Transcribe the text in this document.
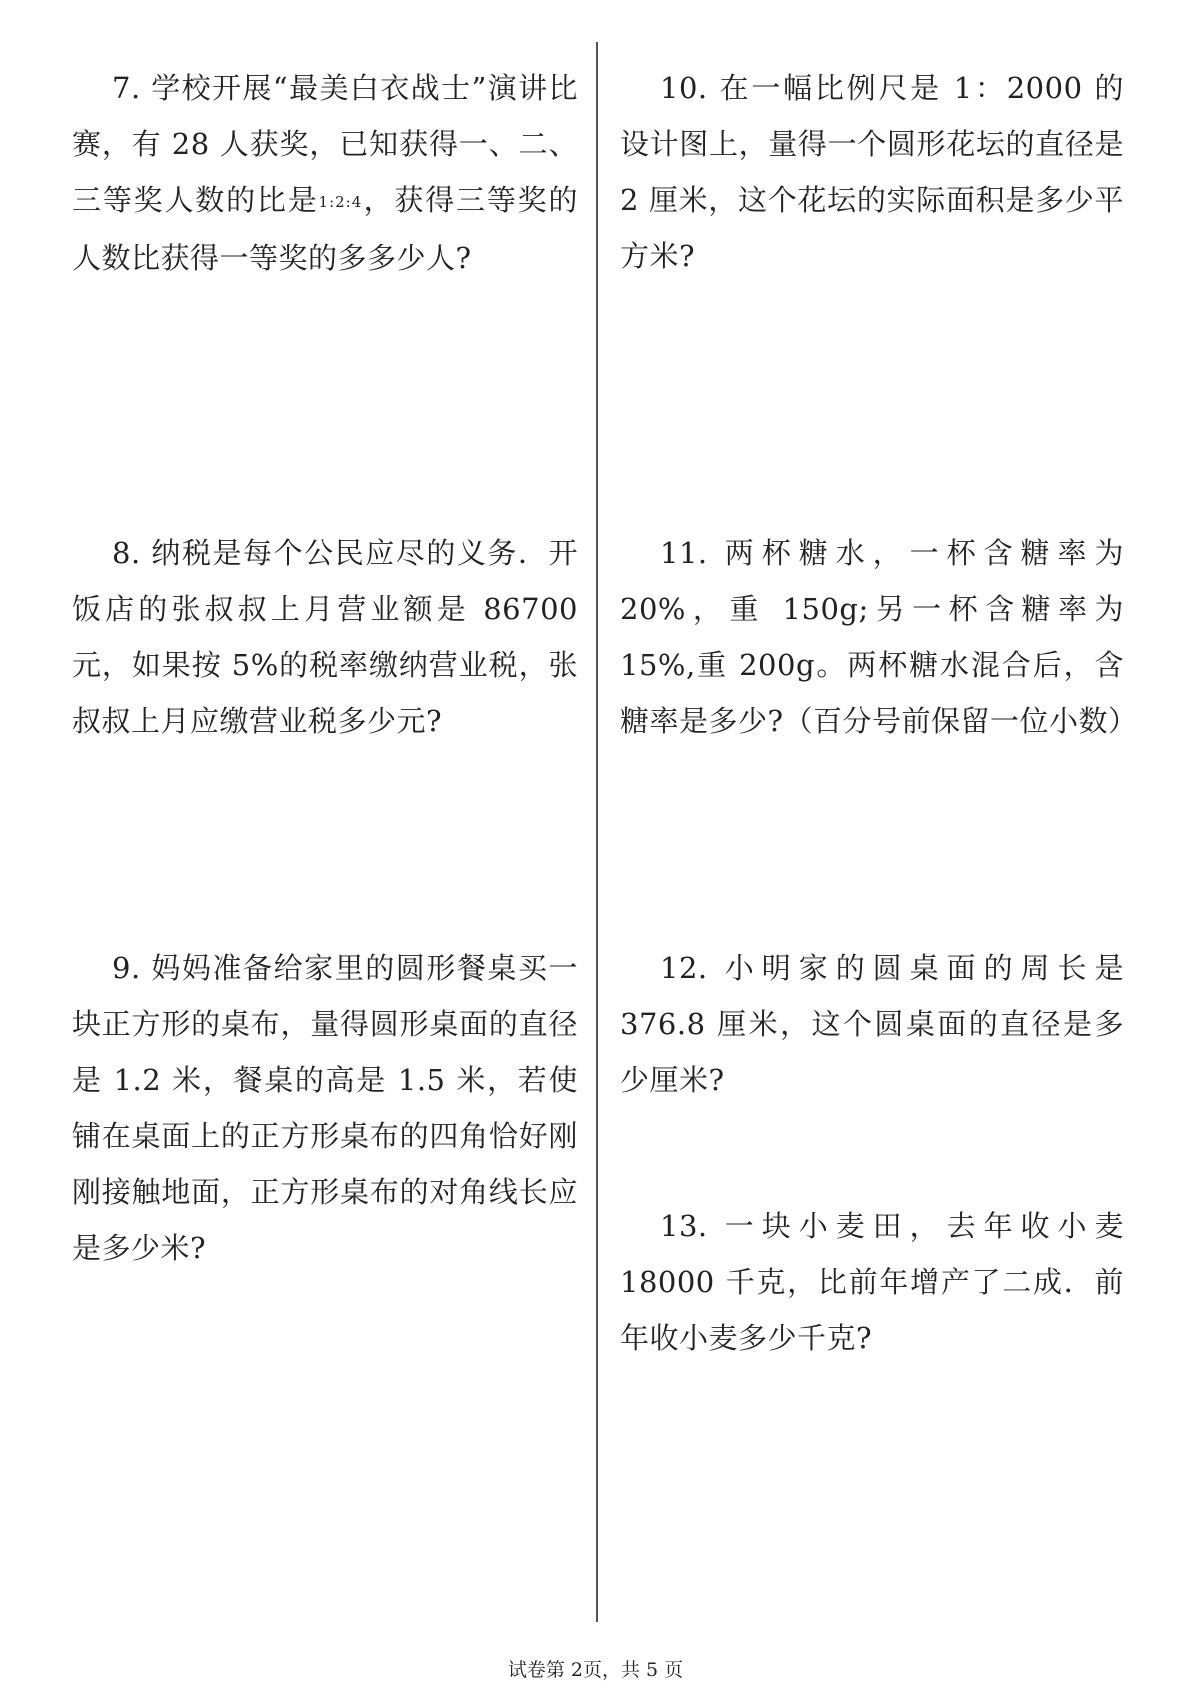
7. 学校开展“最美白衣战士”演讲比赛，有 28 人获奖，已知获得一、二、三等奖人数的比是1:2:4，获得三等奖的人数比获得一等奖的多多少人?

8. 纳税是每个公民应尽的义务．开饭店的张叔叔上月营业额是 86700 元，如果按 5%的税率缴纳营业税，张叔叔上月应缴营业税多少元?

9. 妈妈准备给家里的圆形餐桌买一块正方形的桌布，量得圆形桌面的直径是 1.2 米，餐桌的高是 1.5 米，若使铺在桌面上的正方形桌布的四角恰好刚刚接触地面，正方形桌布的对角线长应是多少米?

10. 在一幅比例尺是 1：2000 的设计图上，量得一个圆形花坛的直径是 2 厘米，这个花坛的实际面积是多少平方米?

11. 两杯糖水，一杯含糖率为 20%，重 150g;另一杯含糖率为 15%,重 200g。两杯糖水混合后，含糖率是多少?（百分号前保留一位小数）

12. 小明家的圆桌面的周长是 376.8 厘米，这个圆桌面的直径是多少厘米?

13. 一块小麦田，去年收小麦 18000 千克，比前年增产了二成．前年收小麦多少千克?

试卷第 2页，共 5 页
